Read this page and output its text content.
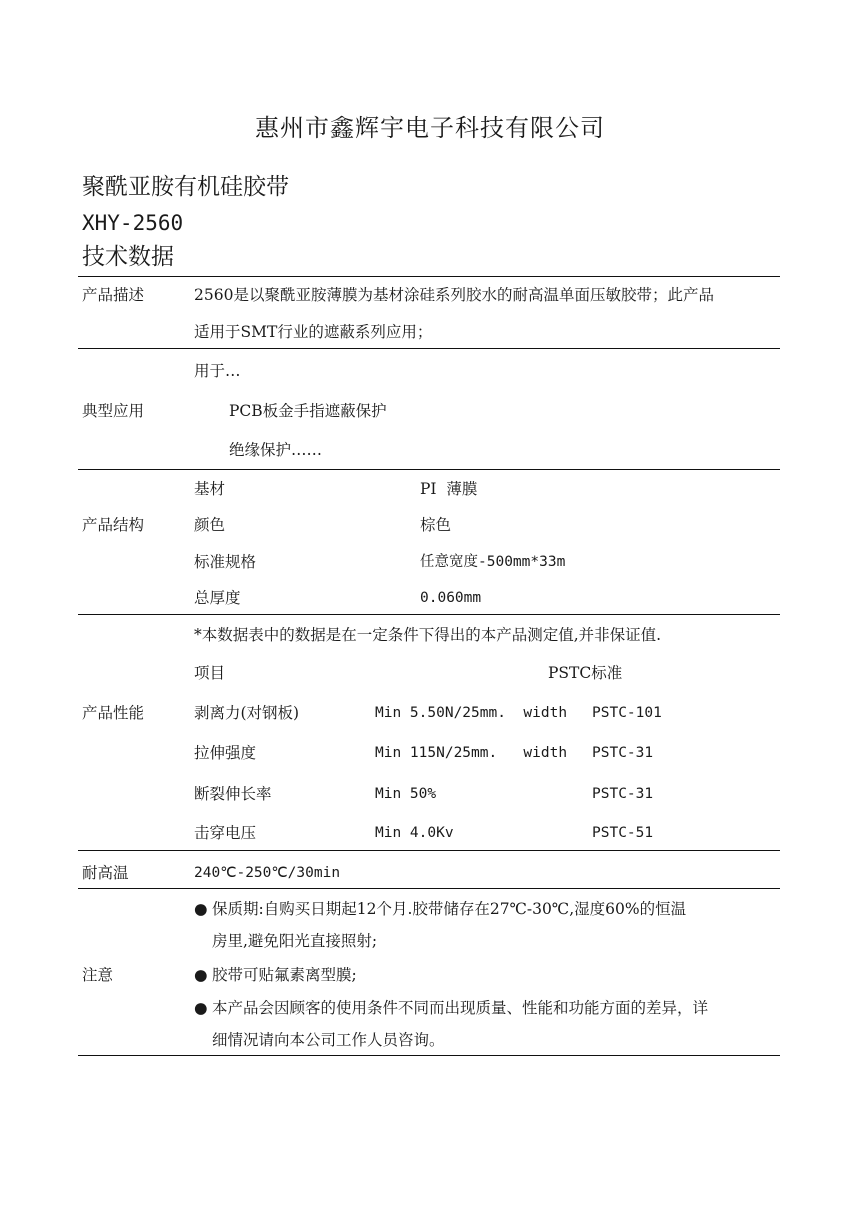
惠州市鑫辉宇电子科技有限公司
聚酰亚胺有机硅胶带
XHY-2560
技术数据
产品描述	2560是以聚酰亚胺薄膜为基材涂硅系列胶水的耐高温单面压敏胶带；此产品
适用于SMT行业的遮蔽系列应用；
用于…
典型应用	PCB板金手指遮蔽保护
绝缘保护……
基材	PI  薄膜
产品结构	颜色	棕色
标准规格	任意宽度-500mm*33m
总厚度	0.060mm
*本数据表中的数据是在一定条件下得出的本产品测定值,并非保证值.
项目	PSTC标准
产品性能	剥离力(对钢板)	Min 5.50N/25mm.  width PSTC-101
拉伸强度	Min 115N/25mm.   width PSTC-31
断裂伸长率	Min 50%	PSTC-31
击穿电压	Min 4.0Kv	PSTC-51
耐高温	240℃-250℃/30min
● 保质期:自购买日期起12个月.胶带储存在27℃-30℃,湿度60%的恒温
房里,避免阳光直接照射;
注意	● 胶带可贴氟素离型膜;
● 本产品会因顾客的使用条件不同而出现质量、性能和功能方面的差异，详
细情况请向本公司工作人员咨询。
